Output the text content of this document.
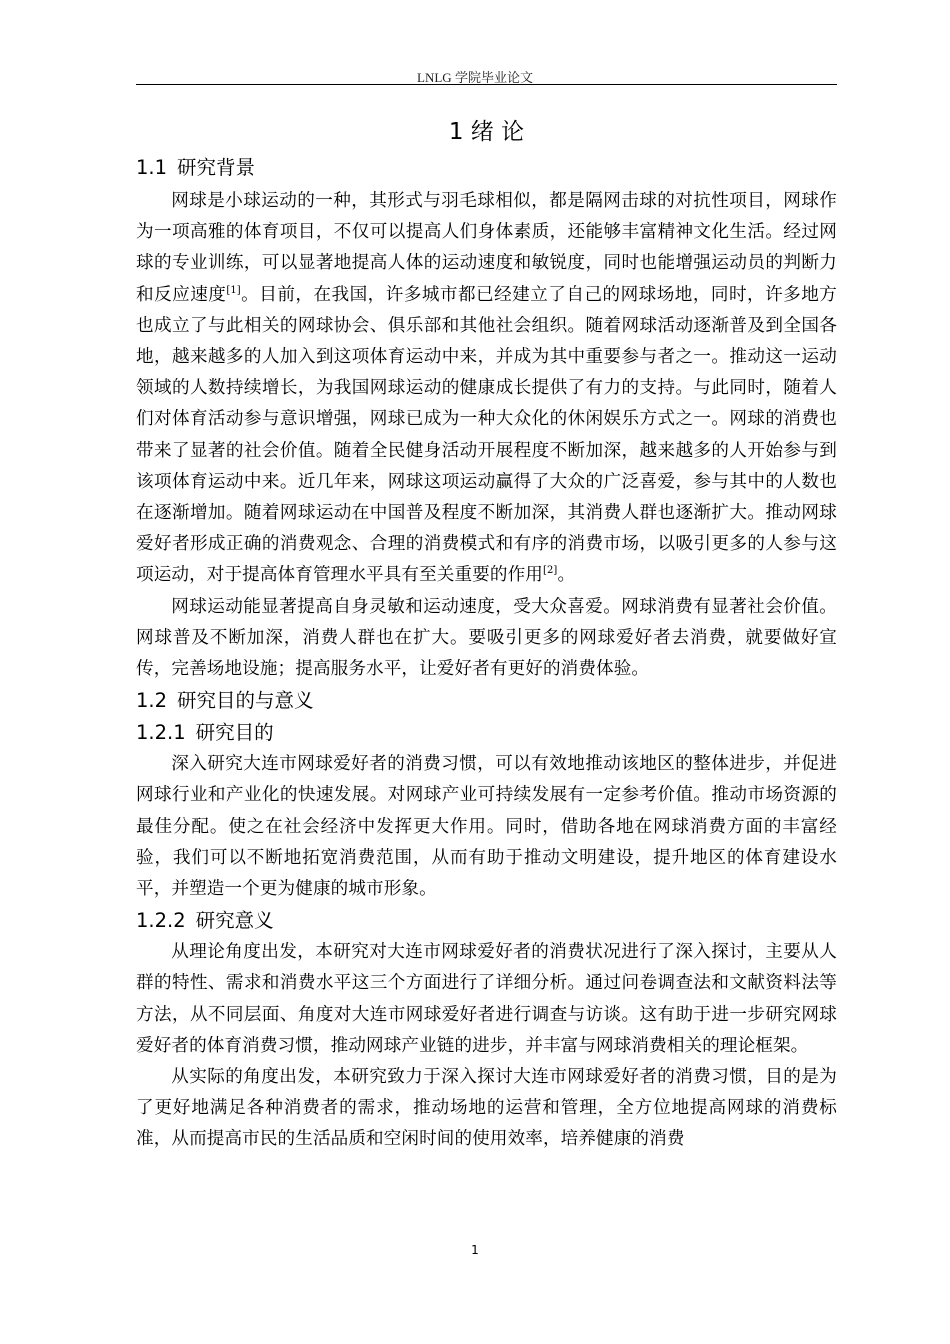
LNLG 学院毕业论文
1 绪 论
1.1 研究背景

网球是小球运动的一种，其形式与羽毛球相似，都是隔网击球的对抗性项目，网球作为一项高雅的体育项目，不仅可以提高人们身体素质，还能够丰富精神文化生活。经过网球的专业训练，可以显著地提高人体的运动速度和敏锐度，同时也能增强运动员的判断力和反应速度[1]。目前，在我国，许多城市都已经建立了自己的网球场地，同时，许多地方也成立了与此相关的网球协会、俱乐部和其他社会组织。随着网球活动逐渐普及到全国各地，越来越多的人加入到这项体育运动中来，并成为其中重要参与者之一。推动这一运动领域的人数持续增长，为我国网球运动的健康成长提供了有力的支持。与此同时，随着人们对体育活动参与意识增强，网球已成为一种大众化的休闲娱乐方式之一。网球的消费也带来了显著的社会价值。随着全民健身活动开展程度不断加深，越来越多的人开始参与到该项体育运动中来。近几年来，网球这项运动赢得了大众的广泛喜爱，参与其中的人数也在逐渐增加。随着网球运动在中国普及程度不断加深，其消费人群也逐渐扩大。推动网球爱好者形成正确的消费观念、合理的消费模式和有序的消费市场，以吸引更多的人参与这项运动，对于提高体育管理水平具有至关重要的作用[2]。

网球运动能显著提高自身灵敏和运动速度，受大众喜爱。网球消费有显著社会价值。网球普及不断加深，消费人群也在扩大。要吸引更多的网球爱好者去消费，就要做好宣传，完善场地设施；提高服务水平，让爱好者有更好的消费体验。

1.2 研究目的与意义
1.2.1 研究目的

深入研究大连市网球爱好者的消费习惯，可以有效地推动该地区的整体进步，并促进网球行业和产业化的快速发展。对网球产业可持续发展有一定参考价值。推动市场资源的最佳分配。使之在社会经济中发挥更大作用。同时，借助各地在网球消费方面的丰富经验，我们可以不断地拓宽消费范围，从而有助于推动文明建设，提升地区的体育建设水平，并塑造一个更为健康的城市形象。

1.2.2 研究意义

从理论角度出发，本研究对大连市网球爱好者的消费状况进行了深入探讨，主要从人群的特性、需求和消费水平这三个方面进行了详细分析。通过问卷调查法和文献资料法等方法，从不同层面、角度对大连市网球爱好者进行调查与访谈。这有助于进一步研究网球爱好者的体育消费习惯，推动网球产业链的进步，并丰富与网球消费相关的理论框架。

从实际的角度出发，本研究致力于深入探讨大连市网球爱好者的消费习惯，目的是为了更好地满足各种消费者的需求，推动场地的运营和管理，全方位地提高网球的消费标准，从而提高市民的生活品质和空闲时间的使用效率，培养健康的消费

1
